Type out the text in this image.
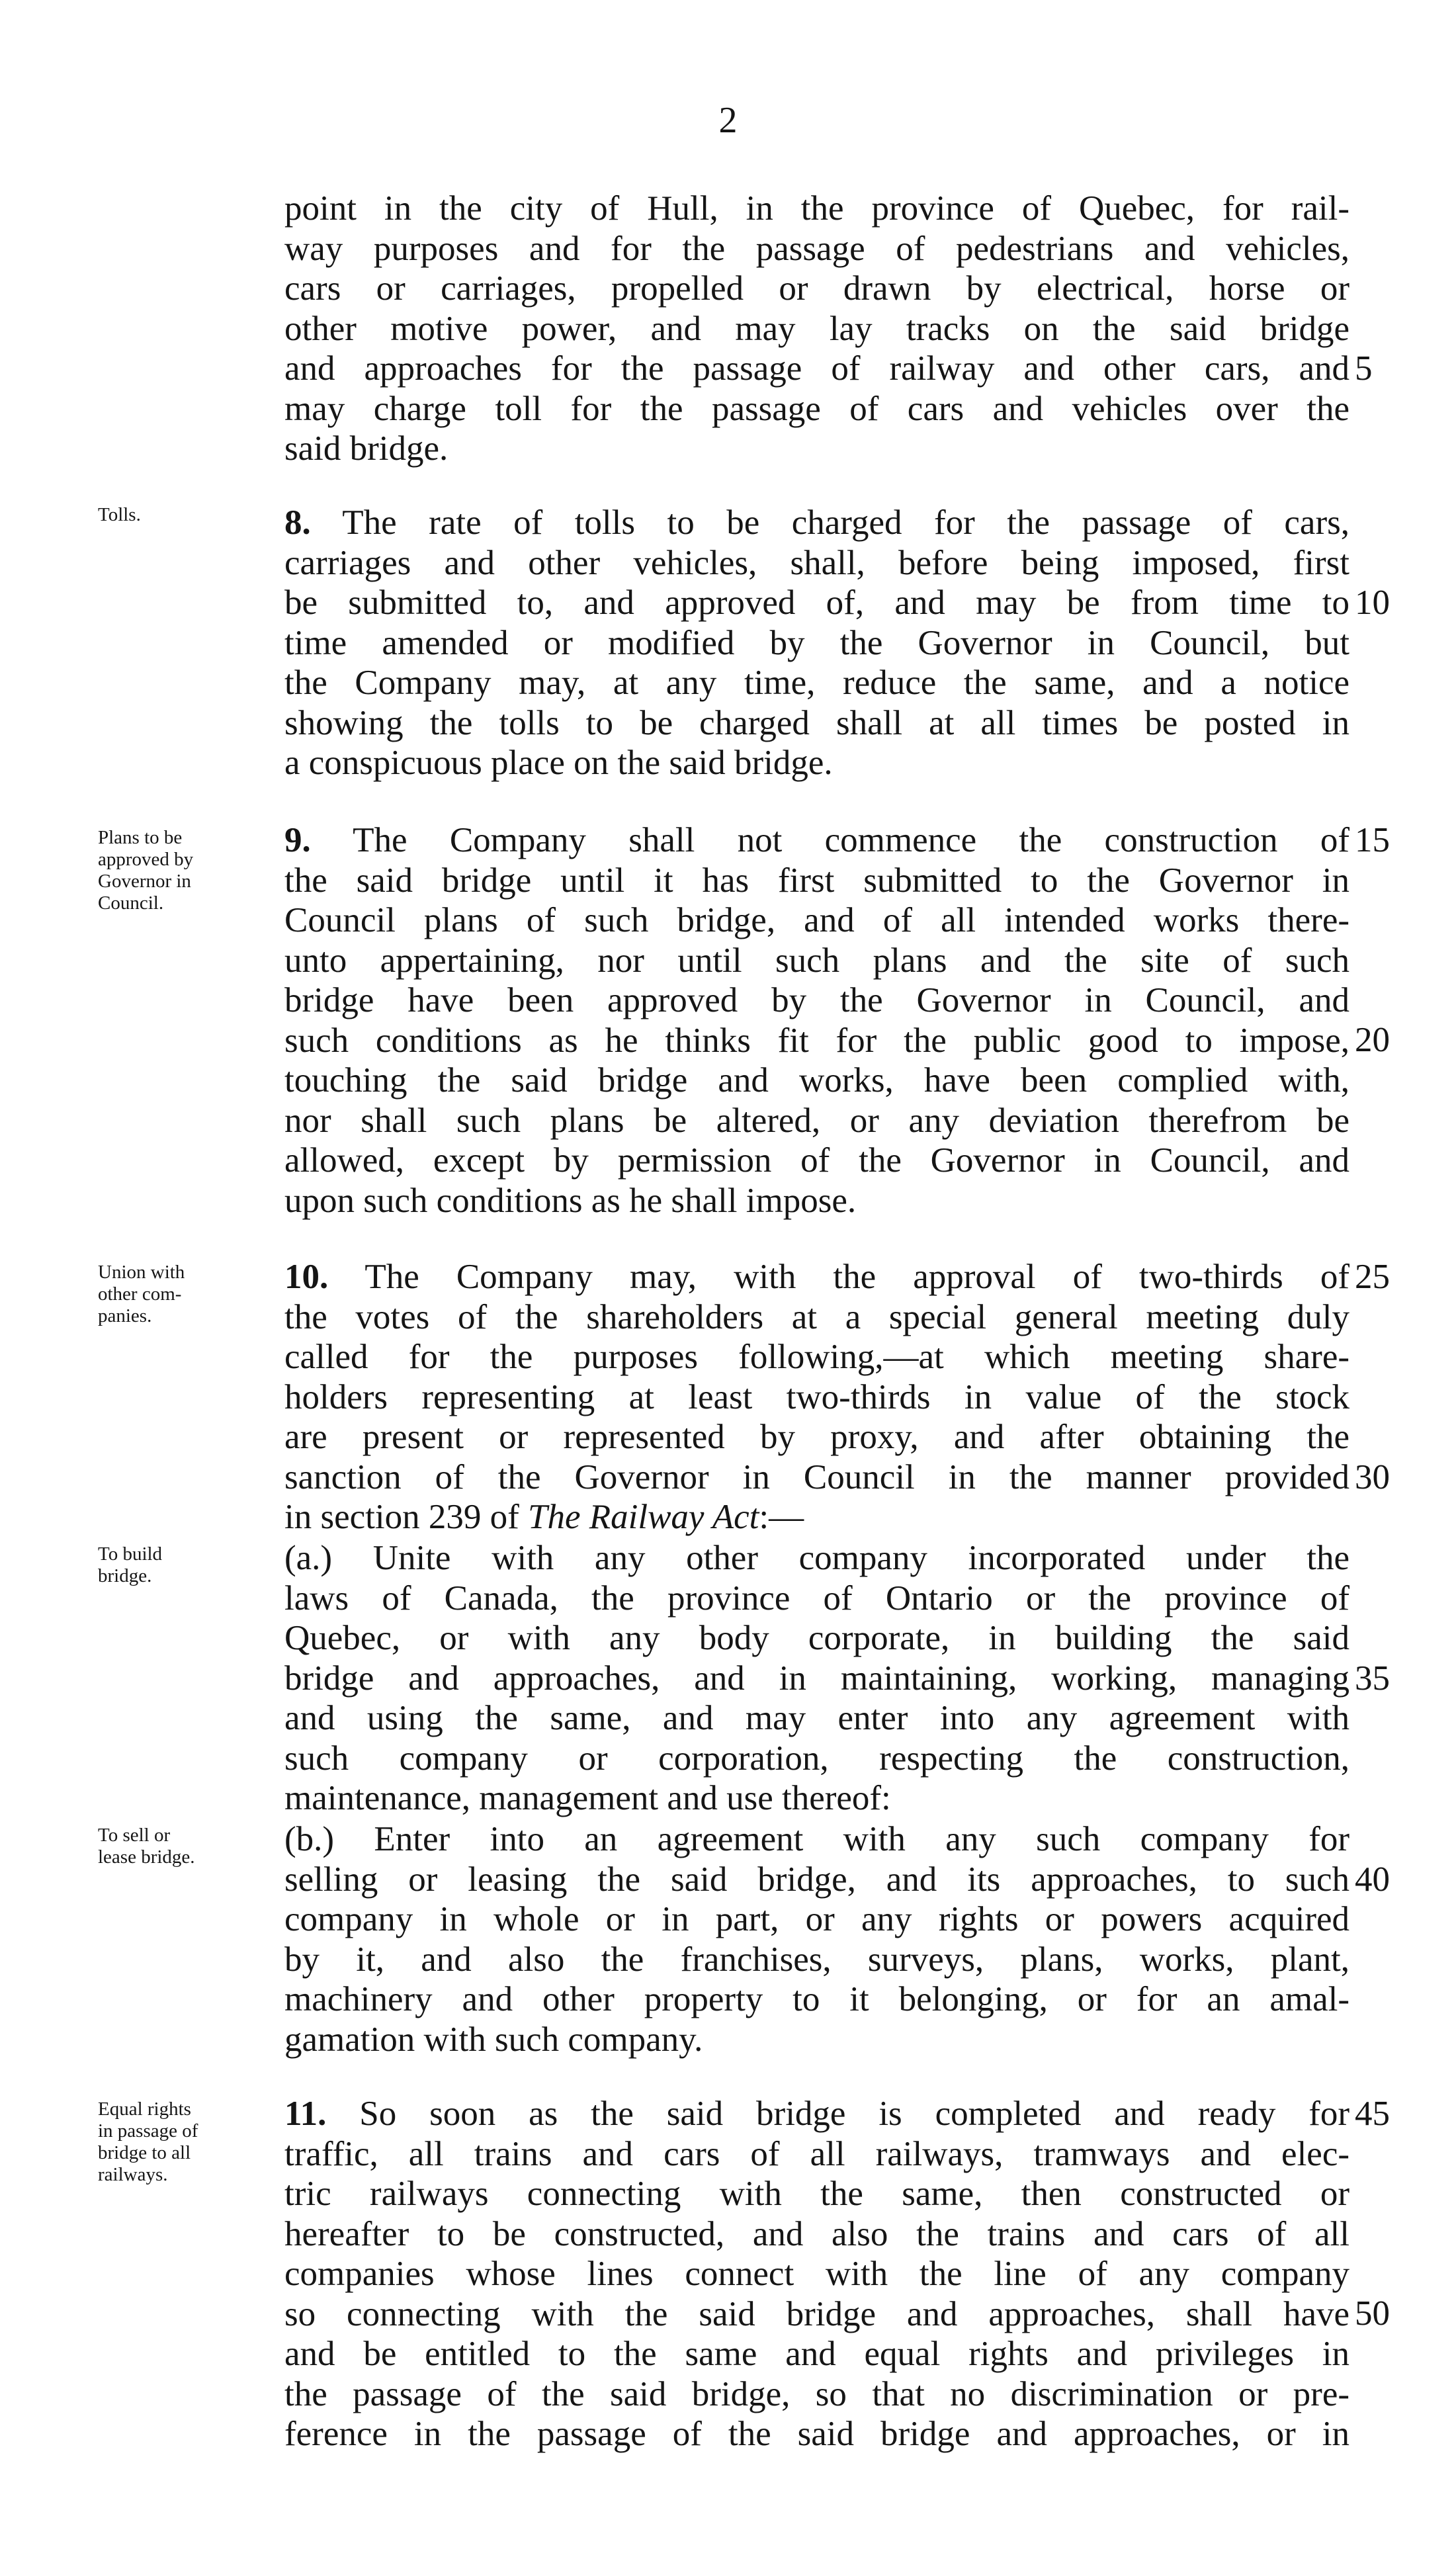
2
point in the city of Hull, in the province of Quebec, for rail-
way purposes and for the passage of pedestrians and vehicles,
cars or carriages, propelled or drawn by electrical, horse or
other motive power, and may lay tracks on the said bridge
and approaches for the passage of railway and other cars, and
may charge toll for the passage of cars and vehicles over the
said bridge.
8. The rate of tolls to be charged for the passage of cars,
carriages and other vehicles, shall, before being imposed, first
be submitted to, and approved of, and may be from time to
time amended or modified by the Governor in Council, but
the Company may, at any time, reduce the same, and a notice
showing the tolls to be charged shall at all times be posted in
a conspicuous place on the said bridge.
9. The Company shall not commence the construction of
the said bridge until it has first submitted to the Governor in
Council plans of such bridge, and of all intended works there-
unto appertaining, nor until such plans and the site of such
bridge have been approved by the Governor in Council, and
such conditions as he thinks fit for the public good to impose,
touching the said bridge and works, have been complied with,
nor shall such plans be altered, or any deviation therefrom be
allowed, except by permission of the Governor in Council, and
upon such conditions as he shall impose.
10. The Company may, with the approval of two-thirds of
the votes of the shareholders at a special general meeting duly
called for the purposes following,—at which meeting share-
holders representing at least two-thirds in value of the stock
are present or represented by proxy, and after obtaining the
sanction of the Governor in Council in the manner provided
in section 239 of The Railway Act:—
(a.) Unite with any other company incorporated under the
laws of Canada, the province of Ontario or the province of
Quebec, or with any body corporate, in building the said
bridge and approaches, and in maintaining, working, managing
and using the same, and may enter into any agreement with
such company or corporation, respecting the construction,
maintenance, management and use thereof:
(b.) Enter into an agreement with any such company for
selling or leasing the said bridge, and its approaches, to such
company in whole or in part, or any rights or powers acquired
by it, and also the franchises, surveys, plans, works, plant,
machinery and other property to it belonging, or for an amal-
gamation with such company.
11. So soon as the said bridge is completed and ready for
traffic, all trains and cars of all railways, tramways and elec-
tric railways connecting with the same, then constructed or
hereafter to be constructed, and also the trains and cars of all
companies whose lines connect with the line of any company
so connecting with the said bridge and approaches, shall have
and be entitled to the same and equal rights and privileges in
the passage of the said bridge, so that no discrimination or pre-
ference in the passage of the said bridge and approaches, or in
Tolls.
Plans to be
approved by
Governor in
Council.
Union with
other com-
panies.
To build
bridge.
To sell or
lease bridge.
Equal rights
in passage of
bridge to all
railways.
5
10
15
20
25
30
35
40
45
50
